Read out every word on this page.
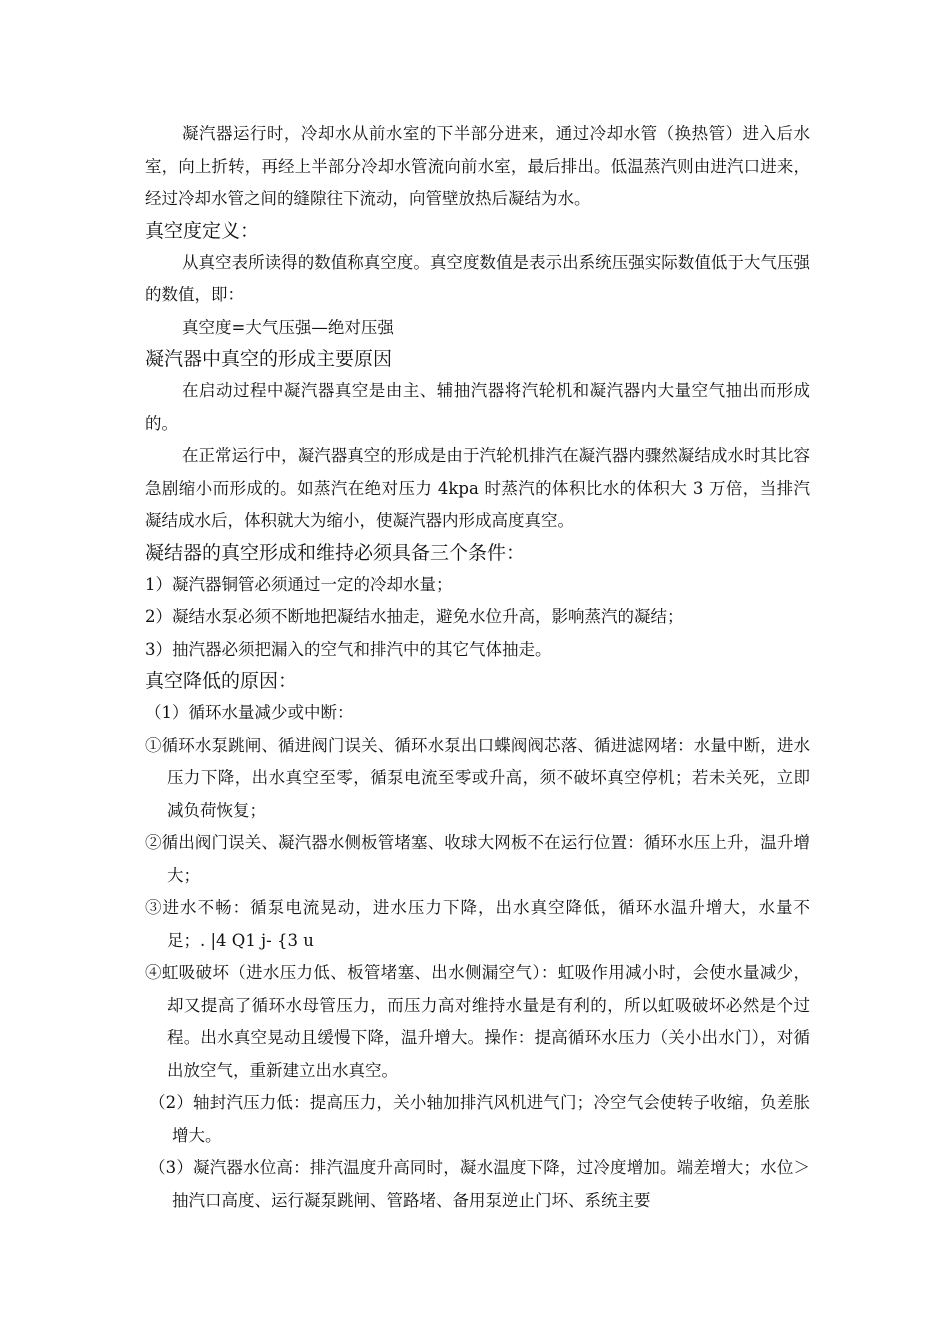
凝汽器运行时，冷却水从前水室的下半部分进来，通过冷却水管（换热管）进入后水室，向上折转，再经上半部分冷却水管流向前水室，最后排出。低温蒸汽则由进汽口进来，经过冷却水管之间的缝隙往下流动，向管壁放热后凝结为水。

真空度定义：

从真空表所读得的数值称真空度。真空度数值是表示出系统压强实际数值低于大气压强的数值，即：

真空度=大气压强—绝对压强

凝汽器中真空的形成主要原因

在启动过程中凝汽器真空是由主、辅抽汽器将汽轮机和凝汽器内大量空气抽出而形成的。

在正常运行中，凝汽器真空的形成是由于汽轮机排汽在凝汽器内骤然凝结成水时其比容急剧缩小而形成的。如蒸汽在绝对压力 4kpa 时蒸汽的体积比水的体积大 3 万倍，当排汽凝结成水后，体积就大为缩小，使凝汽器内形成高度真空。

凝结器的真空形成和维持必须具备三个条件：

1）凝汽器铜管必须通过一定的冷却水量；

2）凝结水泵必须不断地把凝结水抽走，避免水位升高，影响蒸汽的凝结；

3）抽汽器必须把漏入的空气和排汽中的其它气体抽走。

真空降低的原因：

（1）循环水量减少或中断：

①循环水泵跳闸、循进阀门误关、循环水泵出口蝶阀阀芯落、循进滤网堵：水量中断，进水压力下降，出水真空至零，循泵电流至零或升高，须不破坏真空停机；若未关死，立即减负荷恢复；

②循出阀门误关、凝汽器水侧板管堵塞、收球大网板不在运行位置：循环水压上升，温升增大；

③进水不畅：循泵电流晃动，进水压力下降，出水真空降低，循环水温升增大，水量不足；. |4 Q1 j- {3 u

④虹吸破坏（进水压力低、板管堵塞、出水侧漏空气）：虹吸作用减小时，会使水量减少，却又提高了循环水母管压力，而压力高对维持水量是有利的，所以虹吸破坏必然是个过程。出水真空晃动且缓慢下降，温升增大。操作：提高循环水压力（关小出水门），对循出放空气，重新建立出水真空。

（2）轴封汽压力低：提高压力，关小轴加排汽风机进气门；冷空气会使转子收缩，负差胀增大。

（3）凝汽器水位高：排汽温度升高同时，凝水温度下降，过冷度增加。端差增大；水位＞抽汽口高度、运行凝泵跳闸、管路堵、备用泵逆止门坏、系统主要
